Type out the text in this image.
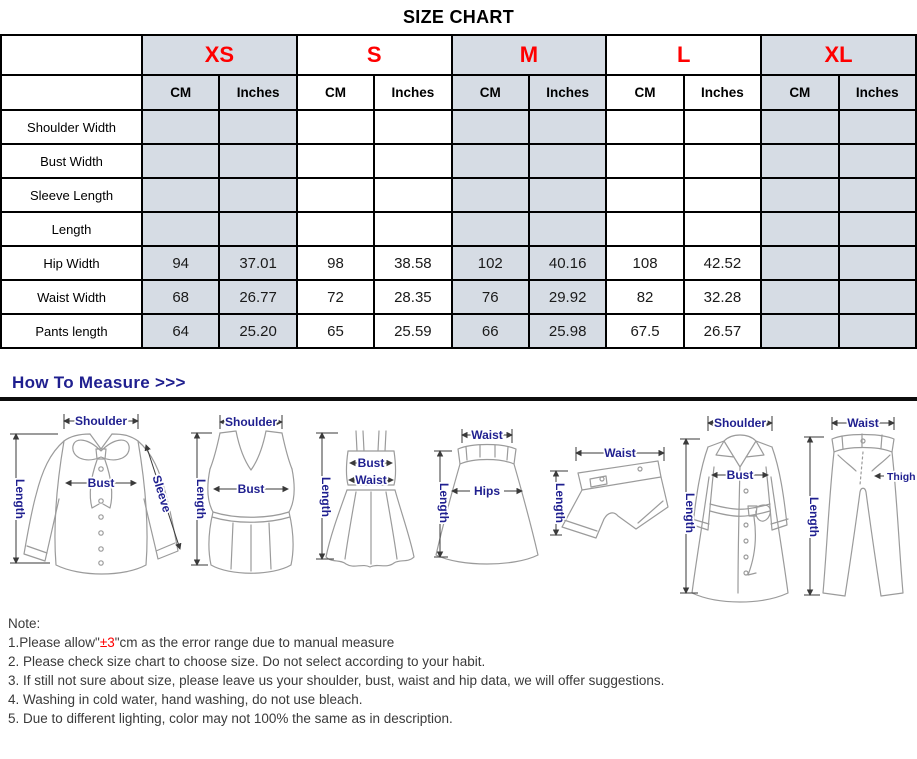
SIZE CHART
	XS		S		M		L		XL	
	CM	Inches	CM	Inches	CM	Inches	CM	Inches	CM	Inches
Shoulder Width										
Bust Width										
Sleeve Length										
Length										
Hip Width	94	37.01	98	38.58	102	40.16	108	42.52		
Waist Width	68	26.77	72	28.35	76	29.92	82	32.28		
Pants length	64	25.20	65	25.59	66	25.98	67.5	26.57		
How To Measure >>>
Shoulder
Length	Bust	Sleeve
Shoulder
Length Bust
Bust
Waist
Length
Waist
Hips
Length
Waist
Length
Shoulder
Bust
Length
Waist
Thigh
Length
Note:
1.Please allow"±3"cm as the error range due to manual measure
2. Please check size chart to choose size. Do not select according to your habit.
3. If still not sure about size, please leave us your shoulder, bust, waist and hip data, we will offer suggestions.
4. Washing in cold water, hand washing, do not use bleach.
5. Due to different lighting, color may not 100% the same as in description.
